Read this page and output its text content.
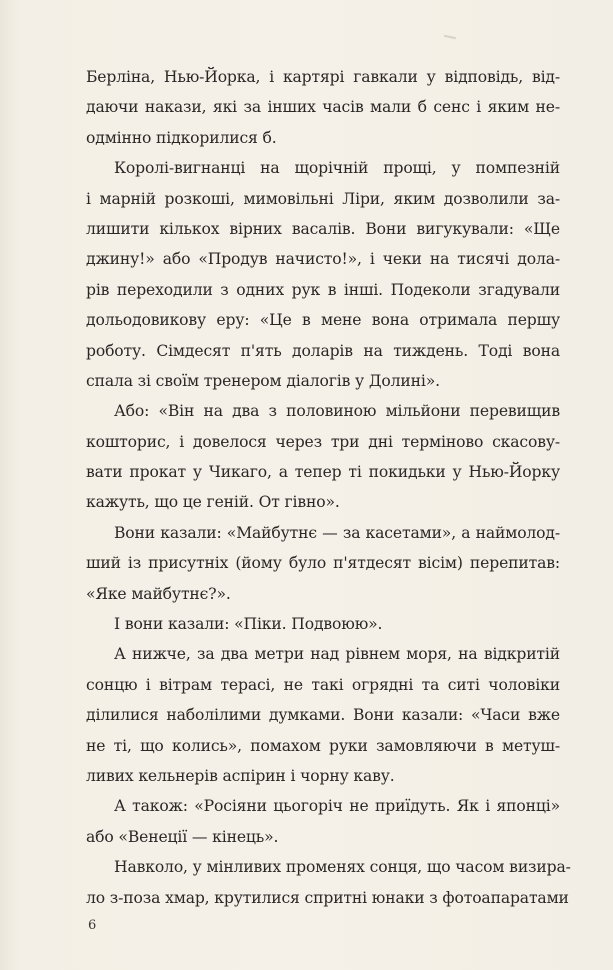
Берліна, Нью-Йорка, і картярі гавкали у відповідь, від-
даючи накази, які за інших часів мали б сенс і яким не-
одмінно підкорилися б.
Королі-вигнанці на щорічній прощі, у помпезній
і марній розкоші, мимовільні Ліри, яким дозволили за-
лишити кількох вірних васалів. Вони вигукували: «Ще
джину!» або «Продув начисто!», і чеки на тисячі дола-
рів переходили з одних рук в інші. Подеколи згадували
дольодовикову еру: «Це в мене вона отримала першу
роботу. Сімдесят п'ять доларів на тиждень. Тоді вона
спала зі своїм тренером діалогів у Долині».
Або: «Він на два з половиною мільйони перевищив
кошторис, і довелося через три дні терміново скасову-
вати прокат у Чикаго, а тепер ті покидьки у Нью-Йорку
кажуть, що це геній. От гівно».
Вони казали: «Майбутнє — за касетами», а наймолод-
ший із присутніх (йому було п'ятдесят вісім) перепитав:
«Яке майбутнє?».
І вони казали: «Піки. Подвоюю».
А нижче, за два метри над рівнем моря, на відкритій
сонцю і вітрам терасі, не такі огрядні та ситі чоловіки
ділилися наболілими думками. Вони казали: «Часи вже
не ті, що колись», помахом руки замовляючи в метуш-
ливих кельнерів аспірин і чорну каву.
А також: «Росіяни цьогоріч не приїдуть. Як і японці»
або «Венеції — кінець».
Навколо, у мінливих променях сонця, що часом визира-
ло з-поза хмар, крутилися спритні юнаки з фотоапаратами
6
